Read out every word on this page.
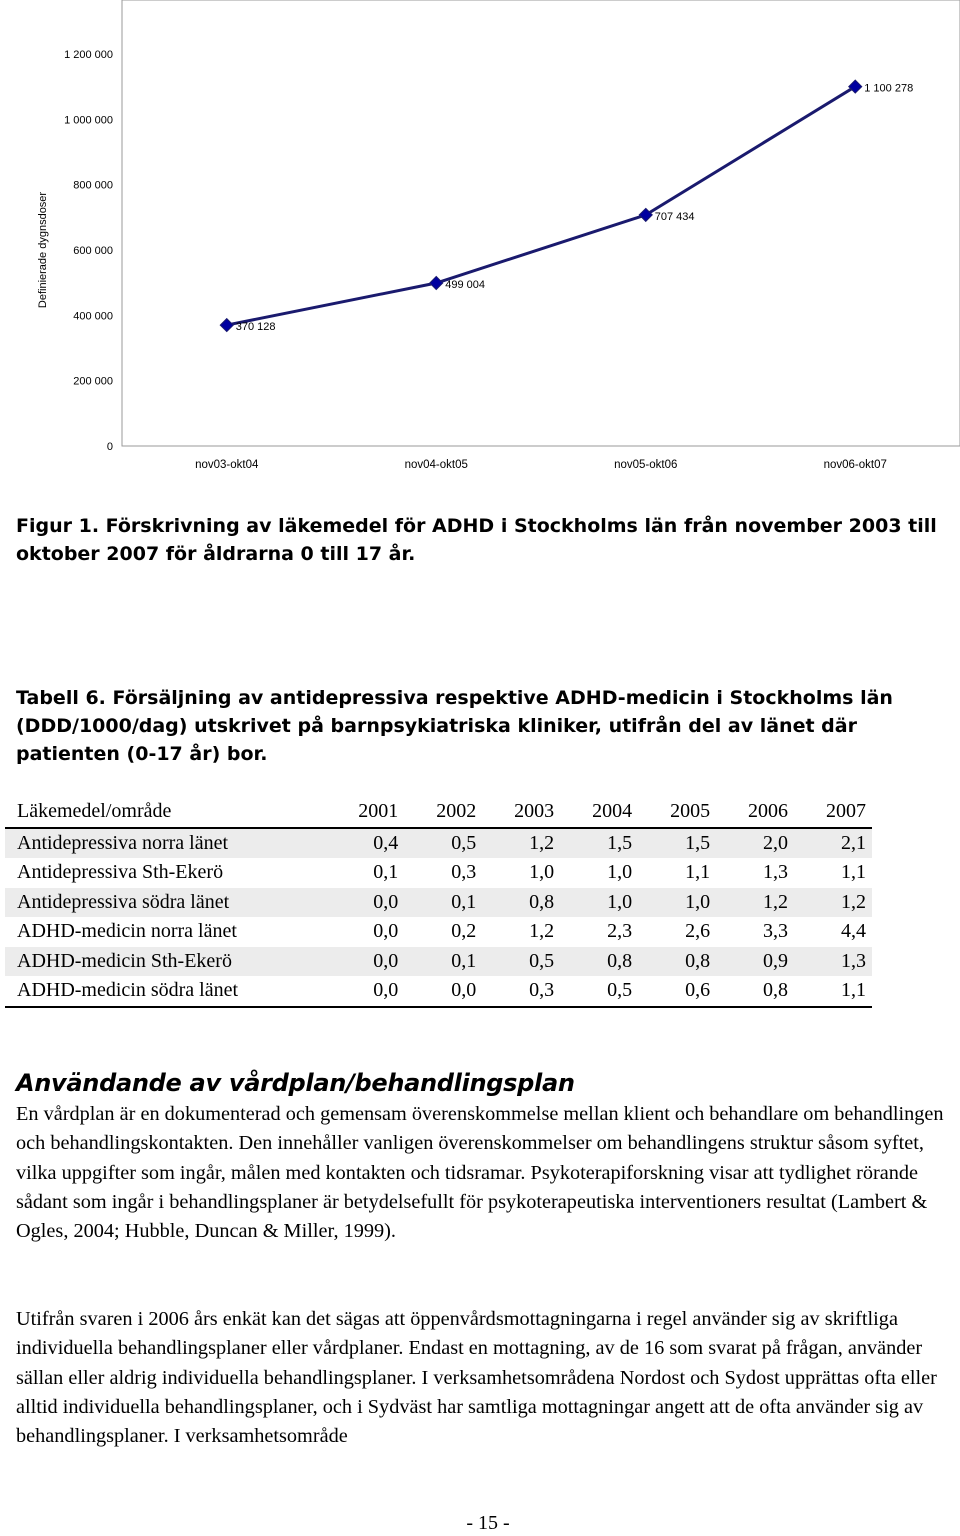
Definierade dygnsdoser
0
200 000
400 000
600 000
800 000
1 000 000
1 200 000
nov03-okt04	nov04-okt05	nov05-okt06	nov06-okt07
370 128
499 004
707 434
1 100 278

Figur 1. Förskrivning av läkemedel för ADHD i Stockholms län från november 2003 till oktober 2007 för åldrarna 0 till 17 år.

Tabell 6. Försäljning av antidepressiva respektive ADHD-medicin i Stockholms län (DDD/1000/dag) utskrivet på barnpsykiatriska kliniker, utifrån del av länet där patienten (0-17 år) bor.

Läkemedel/område	2001	2002	2003	2004	2005	2006	2007
Antidepressiva norra länet	0,4	0,5	1,2	1,5	1,5	2,0	2,1
Antidepressiva Sth-Ekerö	0,1	0,3	1,0	1,0	1,1	1,3	1,1
Antidepressiva södra länet	0,0	0,1	0,8	1,0	1,0	1,2	1,2
ADHD-medicin norra länet	0,0	0,2	1,2	2,3	2,6	3,3	4,4
ADHD-medicin Sth-Ekerö	0,0	0,1	0,5	0,8	0,8	0,9	1,3
ADHD-medicin södra länet	0,0	0,0	0,3	0,5	0,6	0,8	1,1
Användande av vårdplan/behandlingsplan

En vårdplan är en dokumenterad och gemensam överenskommelse mellan klient och behandlare om behandlingen och behandlingskontakten. Den innehåller vanligen överenskommelser om behandlingens struktur såsom syftet, vilka uppgifter som ingår, målen med kontakten och tidsramar. Psykoterapiforskning visar att tydlighet rörande sådant som ingår i behandlingsplaner är betydelsefullt för psykoterapeutiska interventioners resultat (Lambert & Ogles, 2004; Hubble, Duncan & Miller, 1999).

Utifrån svaren i 2006 års enkät kan det sägas att öppenvårdsmottagningarna i regel använder sig av skriftliga individuella behandlingsplaner eller vårdplaner. Endast en mottagning, av de 16 som svarat på frågan, använder sällan eller aldrig individuella behandlingsplaner. I verksamhetsområdena Nordost och Sydost upprättas ofta eller alltid individuella behandlingsplaner, och i Sydväst har samtliga mottagningar angett att de ofta använder sig av behandlingsplaner. I verksamhetsområde

- 15 -
